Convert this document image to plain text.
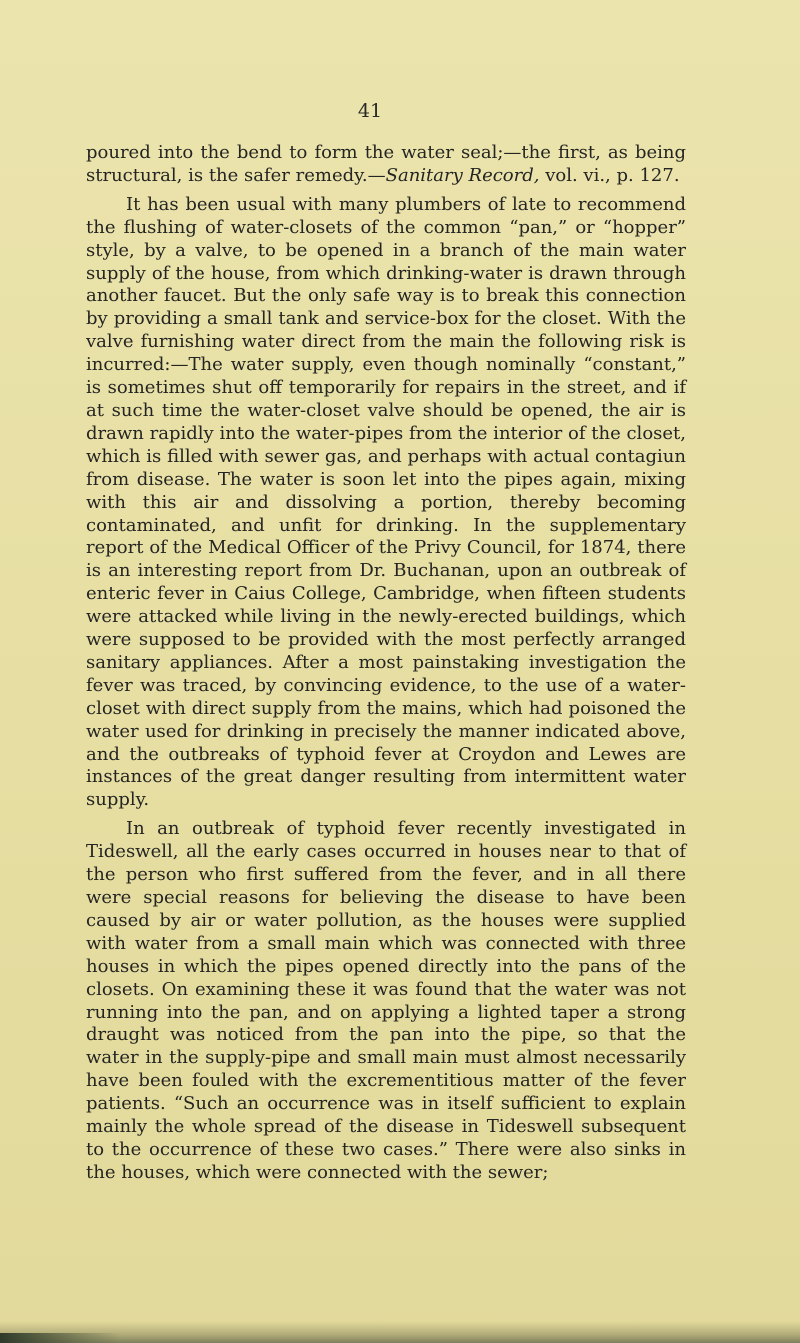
41

poured into the bend to form the water seal;—the first, as being structural, is the safer remedy.—Sanitary Record, vol. vi., p. 127.

It has been usual with many plumbers of late to recommend the flushing of water-closets of the common “pan,” or “hopper” style, by a valve, to be opened in a branch of the main water supply of the house, from which drinking-water is drawn through another faucet. But the only safe way is to break this connection by providing a small tank and service-box for the closet. With the valve furnishing water direct from the main the following risk is incurred:—The water supply, even though nominally “constant,” is sometimes shut off temporarily for repairs in the street, and if at such time the water-closet valve should be opened, the air is drawn rapidly into the water-pipes from the interior of the closet, which is filled with sewer gas, and perhaps with actual contagiun from disease. The water is soon let into the pipes again, mixing with this air and dissolving a portion, thereby becoming contaminated, and unfit for drinking. In the supplementary report of the Medical Officer of the Privy Council, for 1874, there is an interesting report from Dr. Buchanan, upon an outbreak of enteric fever in Caius College, Cambridge, when fifteen students were attacked while living in the newly-erected buildings, which were supposed to be provided with the most perfectly arranged sanitary appliances. After a most painstaking investigation the fever was traced, by convincing evidence, to the use of a water-closet with direct supply from the mains, which had poisoned the water used for drinking in precisely the manner indicated above, and the outbreaks of typhoid fever at Croydon and Lewes are instances of the great danger resulting from intermittent water supply.

In an outbreak of typhoid fever recently investigated in Tideswell, all the early cases occurred in houses near to that of the person who first suffered from the fever, and in all there were special reasons for believing the disease to have been caused by air or water pollution, as the houses were supplied with water from a small main which was connected with three houses in which the pipes opened directly into the pans of the closets. On examining these it was found that the water was not running into the pan, and on applying a lighted taper a strong draught was noticed from the pan into the pipe, so that the water in the supply-pipe and small main must almost necessarily have been fouled with the excrementitious matter of the fever patients. “Such an occurrence was in itself sufficient to explain mainly the whole spread of the disease in Tideswell subsequent to the occurrence of these two cases.” There were also sinks in the houses, which were connected with the sewer;
